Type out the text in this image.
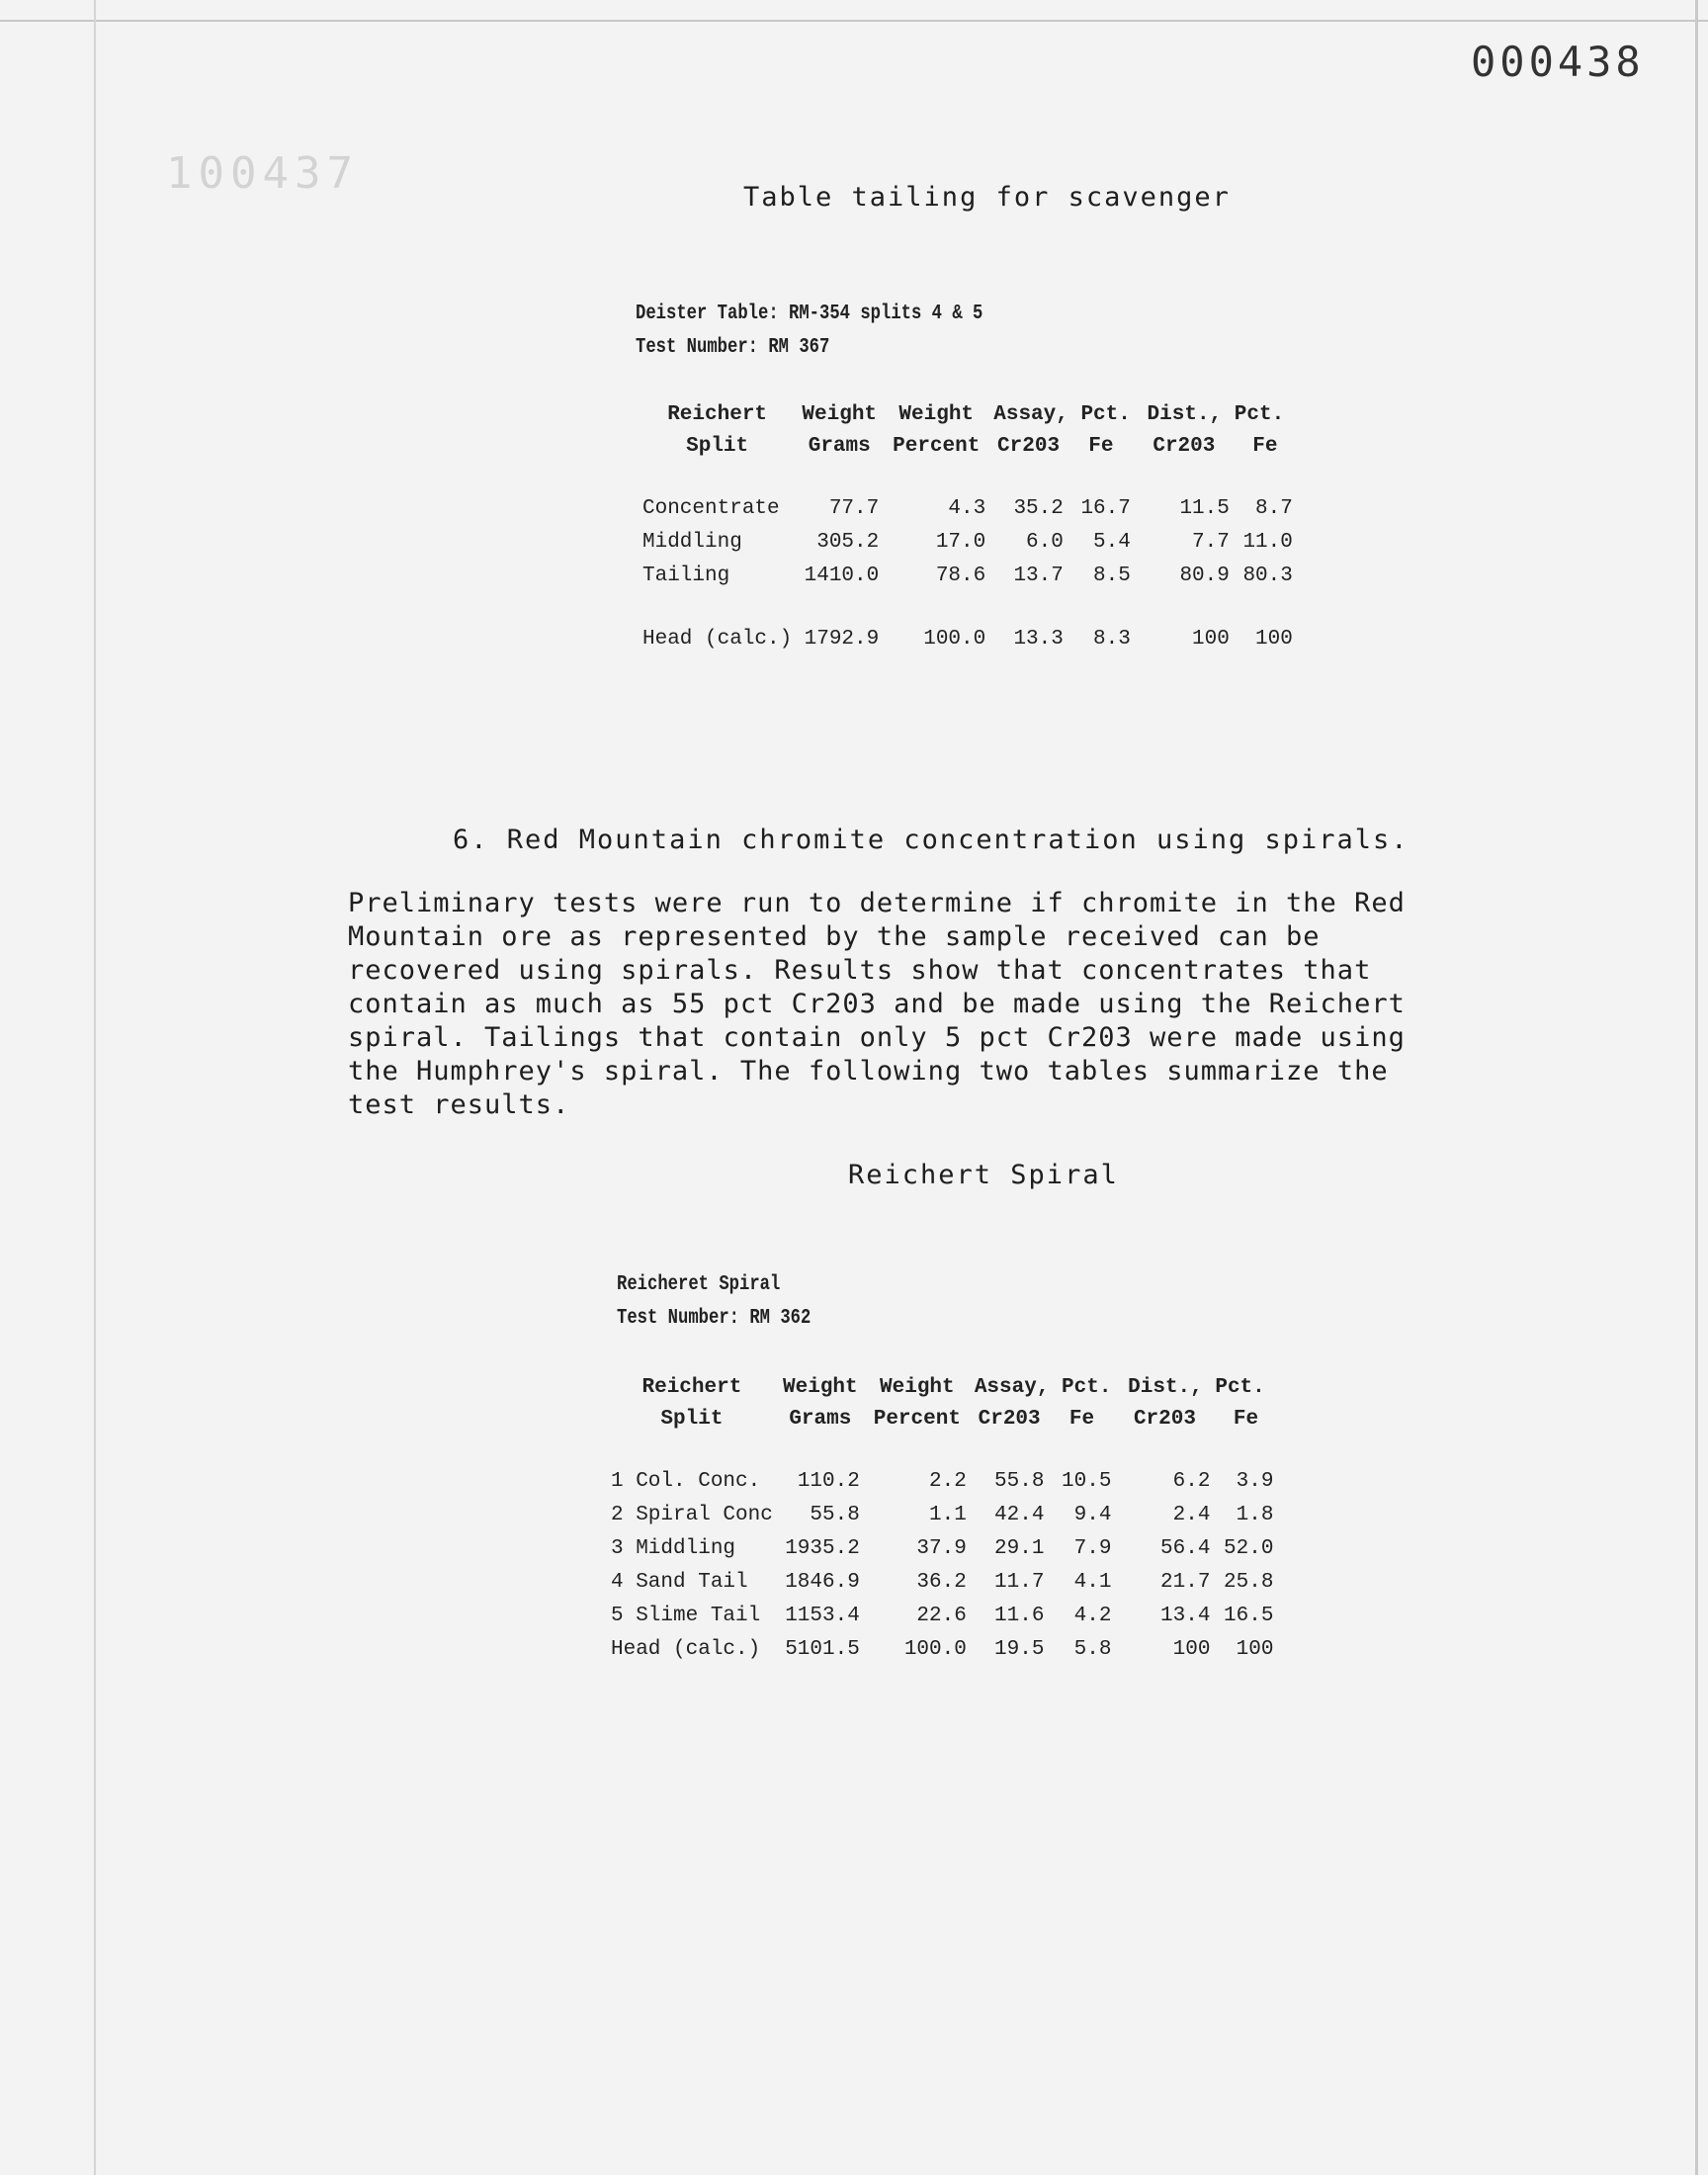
000438
100437	Table tailing for scavenger
Deister Table: RM-354 splits 4 & 5
Test Number: RM 367
Reichert	Weight	Weight	Assay, Pct.		Dist., Pct.	
Split	Grams	Percent	Cr203	Fe	Cr203	Fe

Concentrate	77.7	4.3	35.2	16.7	11.5	8.7
Middling	305.2	17.0	6.0	5.4	7.7	11.0
Tailing	1410.0	78.6	13.7	8.5	80.9	80.3

Head (calc.)	1792.9	100.0	13.3	8.3	100	100
6. Red Mountain chromite concentration using spirals.

Preliminary tests were run to determine if chromite in the Red

Mountain ore as represented by the sample received can be

recovered using spirals. Results show that concentrates that

contain as much as 55 pct Cr203 and be made using the Reichert

spiral. Tailings that contain only 5 pct Cr203 were made using

the Humphrey's spiral. The following two tables summarize the

test results.

Reichert Spiral
Reicheret Spiral
Test Number: RM 362
Reichert	Weight	Weight	Assay, Pct.		Dist., Pct.	
Split	Grams	Percent	Cr203	Fe	Cr203	Fe

1 Col. Conc.	110.2	2.2	55.8	10.5	6.2	3.9
2 Spiral Conc	55.8	1.1	42.4	9.4	2.4	1.8
3 Middling	1935.2	37.9	29.1	7.9	56.4	52.0
4 Sand Tail	1846.9	36.2	11.7	4.1	21.7	25.8
5 Slime Tail	1153.4	22.6	11.6	4.2	13.4	16.5
Head (calc.)	5101.5	100.0	19.5	5.8	100	100
